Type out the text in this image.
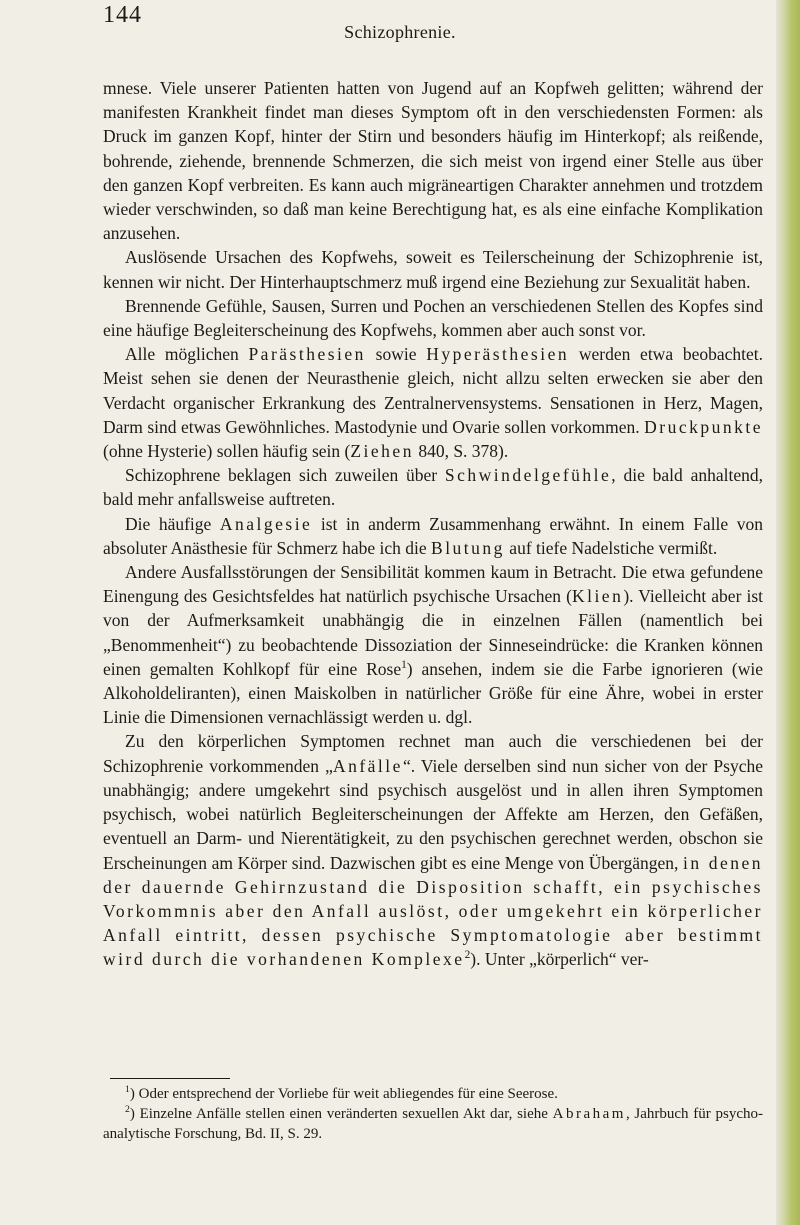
144
Schizophrenie.

mnese. Viele unserer Patienten hatten von Jugend auf an Kopfweh gelitten; während der manifesten Krankheit findet man dieses Symptom oft in den verschiedensten Formen: als Druck im ganzen Kopf, hinter der Stirn und besonders häufig im Hinterkopf; als reißende, bohrende, ziehende, brennende Schmerzen, die sich meist von irgend einer Stelle aus über den ganzen Kopf verbreiten. Es kann auch migräneartigen Charakter annehmen und trotzdem wieder verschwinden, so daß man keine Berechtigung hat, es als eine einfache Komplikation anzusehen.

Auslösende Ursachen des Kopfwehs, soweit es Teilerscheinung der Schizophrenie ist, kennen wir nicht. Der Hinterhauptschmerz muß irgend eine Beziehung zur Sexualität haben.

Brennende Gefühle, Sausen, Surren und Pochen an verschiedenen Stellen des Kopfes sind eine häufige Begleiterscheinung des Kopfwehs, kommen aber auch sonst vor.

Alle möglichen Parästhesien sowie Hyperästhesien werden etwa beobachtet. Meist sehen sie denen der Neurasthenie gleich, nicht allzu selten erwecken sie aber den Verdacht organischer Erkrankung des Zentralnervensystems. Sensationen in Herz, Magen, Darm sind etwas Gewöhnliches. Mastodynie und Ovarie sollen vorkommen. Druckpunkte (ohne Hysterie) sollen häufig sein (Ziehen 840, S. 378).

Schizophrene beklagen sich zuweilen über Schwindelgefühle, die bald anhaltend, bald mehr anfallsweise auftreten.

Die häufige Analgesie ist in anderm Zusammenhang erwähnt. In einem Falle von absoluter Anästhesie für Schmerz habe ich die Blutung auf tiefe Nadelstiche vermißt.

Andere Ausfallsstörungen der Sensibilität kommen kaum in Betracht. Die etwa gefundene Einengung des Gesichtsfeldes hat natürlich psychische Ursachen (Klien). Vielleicht aber ist von der Aufmerksamkeit unabhängig die in einzelnen Fällen (namentlich bei „Benommenheit“) zu beobachtende Dissoziation der Sinneseindrücke: die Kranken können einen gemalten Kohlkopf für eine Rose$^1$) ansehen, indem sie die Farbe ignorieren (wie Alkoholdeliranten), einen Maiskolben in natürlicher Größe für eine Ähre, wobei in erster Linie die Dimensionen vernachlässigt werden u. dgl.

Zu den körperlichen Symptomen rechnet man auch die verschiedenen bei der Schizophrenie vorkommenden „Anfälle“. Viele derselben sind nun sicher von der Psyche unabhängig; andere umgekehrt sind psychisch ausgelöst und in allen ihren Symptomen psychisch, wobei natürlich Begleiterscheinungen der Affekte am Herzen, den Gefäßen, eventuell an Darm- und Nierentätigkeit, zu den psychischen gerechnet werden, obschon sie Erscheinungen am Körper sind. Dazwischen gibt es eine Menge von Übergängen, in denen der dauernde Gehirnzustand die Disposition schafft, ein psychisches Vorkommnis aber den Anfall auslöst, oder umgekehrt ein körperlicher Anfall eintritt, dessen psychische Symptomatologie aber bestimmt wird durch die vorhandenen Komplexe$^2$). Unter „körperlich“ ver-

$^1$) Oder entsprechend der Vorliebe für weit abliegendes für eine Seerose.

$^2$) Einzelne Anfälle stellen einen veränderten sexuellen Akt dar, siehe Abraham, Jahrbuch für psycho-analytische Forschung, Bd. II, S. 29.
